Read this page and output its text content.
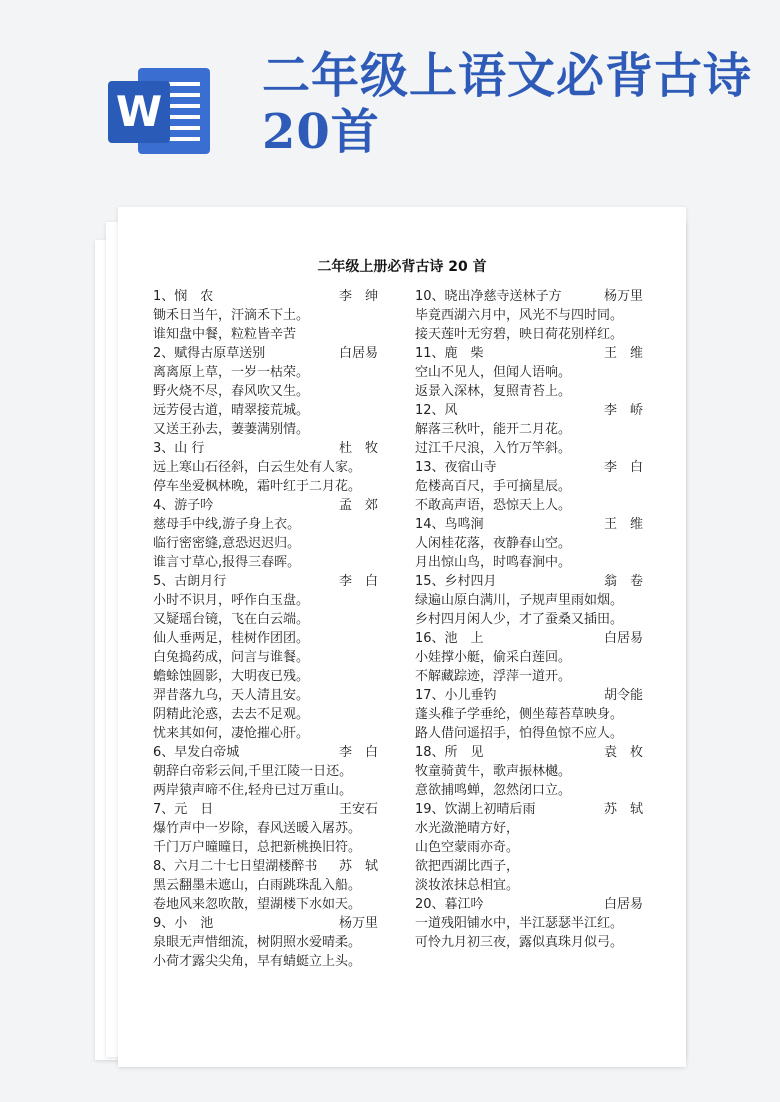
W
二年级上语文必背古诗20首
二年级上册必背古诗 20 首
1、悯　农	李　绅
锄禾日当午，汗滴禾下土。
谁知盘中餐，粒粒皆辛苦
2、赋得古原草送别	白居易
离离原上草，一岁一枯荣。
野火烧不尽，春风吹又生。
远芳侵古道，晴翠接荒城。
又送王孙去，萋萋满别情。
3、山 行	杜　牧
远上寒山石径斜，白云生处有人家。
停车坐爱枫林晚，霜叶红于二月花。
4、游子吟	孟　郊
慈母手中线,游子身上衣。
临行密密缝,意恐迟迟归。
谁言寸草心,报得三春晖。
5、古朗月行	李　白
小时不识月，呼作白玉盘。
又疑瑶台镜，飞在白云端。
仙人垂两足，桂树作团团。
白兔捣药成，问言与谁餐。
蟾蜍蚀圆影，大明夜已残。
羿昔落九乌，天人清且安。
阴精此沦惑，去去不足观。
忧来其如何，凄怆摧心肝。
6、早发白帝城	李　白
朝辞白帝彩云间,千里江陵一日还。
两岸猿声啼不住,轻舟已过万重山。
7、元　日	王安石
爆竹声中一岁除，春风送暖入屠苏。
千门万户曈曈日，总把新桃换旧符。
8、六月二十七日望湖楼醉书 苏　轼
黑云翻墨未遮山，白雨跳珠乱入船。
卷地风来忽吹散，望湖楼下水如天。
9、小　池	杨万里
泉眼无声惜细流，树阴照水爱晴柔。
小荷才露尖尖角，早有蜻蜓立上头。
10、晓出净慈寺送林子方	杨万里
毕竟西湖六月中，风光不与四时同。
接天莲叶无穷碧，映日荷花别样红。
11、鹿　柴	王　维
空山不见人，但闻人语响。
返景入深林，复照青苔上。
12、风	李　峤
解落三秋叶，能开二月花。
过江千尺浪，入竹万竿斜。
13、夜宿山寺	李　白
危楼高百尺，手可摘星辰。
不敢高声语，恐惊天上人。
14、鸟鸣涧	王　维
人闲桂花落，夜静春山空。
月出惊山鸟，时鸣春涧中。
15、乡村四月	翁　卷
绿遍山原白满川，子规声里雨如烟。
乡村四月闲人少，才了蚕桑又插田。
16、池　上	白居易
小娃撑小艇，偷采白莲回。
不解藏踪迹，浮萍一道开。
17、小儿垂钓	胡令能
蓬头稚子学垂纶，侧坐莓苔草映身。
路人借问遥招手，怕得鱼惊不应人。
18、所　见	袁　枚
牧童骑黄牛，歌声振林樾。
意欲捕鸣蝉，忽然闭口立。
19、饮湖上初晴后雨	苏　轼
水光潋滟晴方好，
山色空蒙雨亦奇。
欲把西湖比西子，
淡妆浓抹总相宜。
20、暮江吟	白居易
一道残阳铺水中，半江瑟瑟半江红。
可怜九月初三夜，露似真珠月似弓。
